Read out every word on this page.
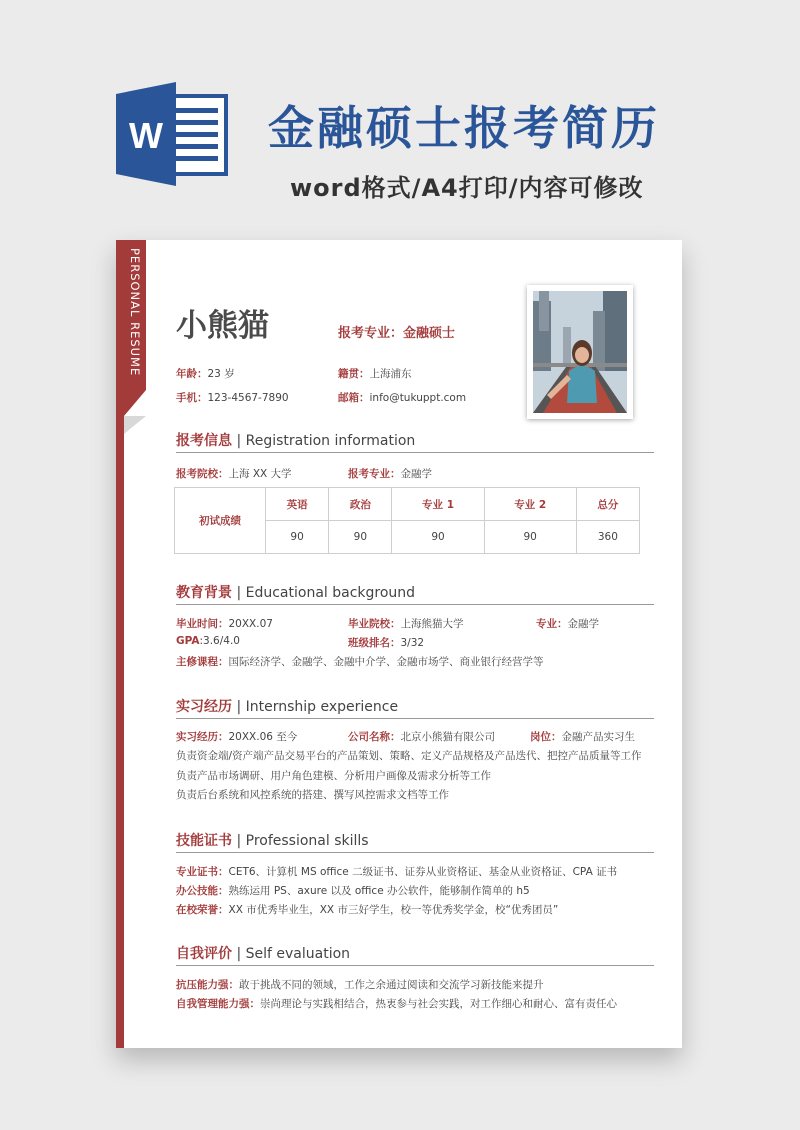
W 金融硕士报考简历
word格式/A4打印/内容可修改
PERSONAL RESUME 小熊猫	报考专业：金融硕士
年龄：23 岁	籍贯：上海浦东
手机：123-4567-7890	邮箱：info@tukuppt.com
报考信息 | Registration information
报考院校：上海 XX 大学	报考专业：金融学
初试成绩	英语	政治	专业 1	专业 2	总分
	90	90	90	90	360
教育背景 | Educational background
毕业时间：20XX.07	毕业院校：上海熊猫大学	专业：金融学
GPA:3.6/4.0	班级排名：3/32
主修课程：国际经济学、金融学、金融中介学、金融市场学、商业银行经营学等
实习经历 | Internship experience
实习经历：20XX.06 至今	公司名称：北京小熊猫有限公司	岗位：金融产品实习生
负责资金端/资产端产品交易平台的产品策划、策略、定义产品规格及产品迭代、把控产品质量等工作
负责产品市场调研、用户角色建模、分析用户画像及需求分析等工作
负责后台系统和风控系统的搭建、撰写风控需求文档等工作
技能证书 | Professional skills
专业证书：CET6、计算机 MS office 二级证书、证券从业资格证、基金从业资格证、CPA 证书
办公技能：熟练运用 PS、axure 以及 office 办公软件，能够制作简单的 h5
在校荣誉：XX 市优秀毕业生，XX 市三好学生，校一等优秀奖学金，校“优秀团员”
自我评价 | Self evaluation
抗压能力强：敢于挑战不同的领域，工作之余通过阅读和交流学习新技能来提升
自我管理能力强：崇尚理论与实践相结合，热衷参与社会实践，对工作细心和耐心、富有责任心
